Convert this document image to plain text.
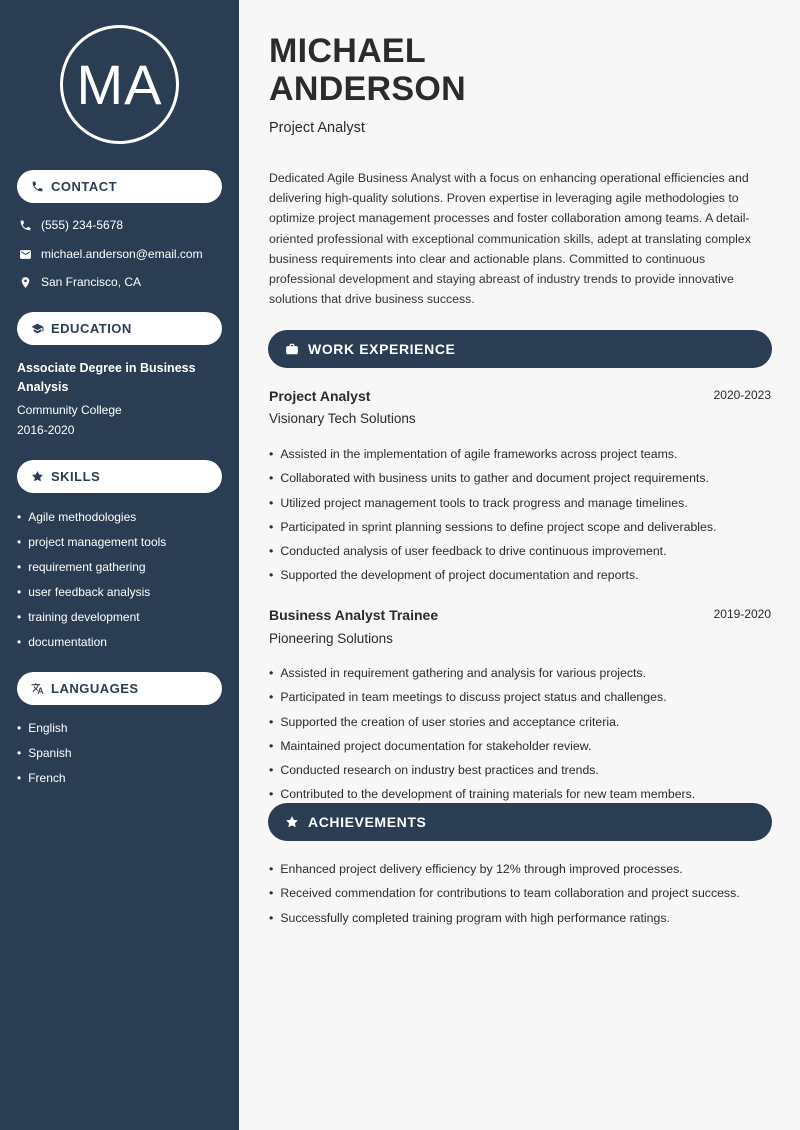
MA
CONTACT
(555) 234-5678
michael.anderson@email.com
San Francisco, CA
EDUCATION
Associate Degree in Business Analysis
Community College
2016-2020
SKILLS
• Agile methodologies
• project management tools
• requirement gathering
• user feedback analysis
• training development
• documentation
LANGUAGES
• English
• Spanish
• French
MICHAEL
ANDERSON
Project Analyst

Dedicated Agile Business Analyst with a focus on enhancing operational efficiencies and delivering high-quality solutions. Proven expertise in leveraging agile methodologies to optimize project management processes and foster collaboration among teams. A detail-oriented professional with exceptional communication skills, adept at translating complex business requirements into clear and actionable plans. Committed to continuous professional development and staying abreast of industry trends to provide innovative solutions that drive business success.

WORK EXPERIENCE
Project Analyst	2020-2023
Visionary Tech Solutions
• Assisted in the implementation of agile frameworks across project teams.
• Collaborated with business units to gather and document project requirements.
• Utilized project management tools to track progress and manage timelines.
• Participated in sprint planning sessions to define project scope and deliverables.
• Conducted analysis of user feedback to drive continuous improvement.
• Supported the development of project documentation and reports.
Business Analyst Trainee	2019-2020
Pioneering Solutions
• Assisted in requirement gathering and analysis for various projects.
• Participated in team meetings to discuss project status and challenges.
• Supported the creation of user stories and acceptance criteria.
• Maintained project documentation for stakeholder review.
• Conducted research on industry best practices and trends.
• Contributed to the development of training materials for new team members.
ACHIEVEMENTS
• Enhanced project delivery efficiency by 12% through improved processes.
• Received commendation for contributions to team collaboration and project success.
• Successfully completed training program with high performance ratings.
